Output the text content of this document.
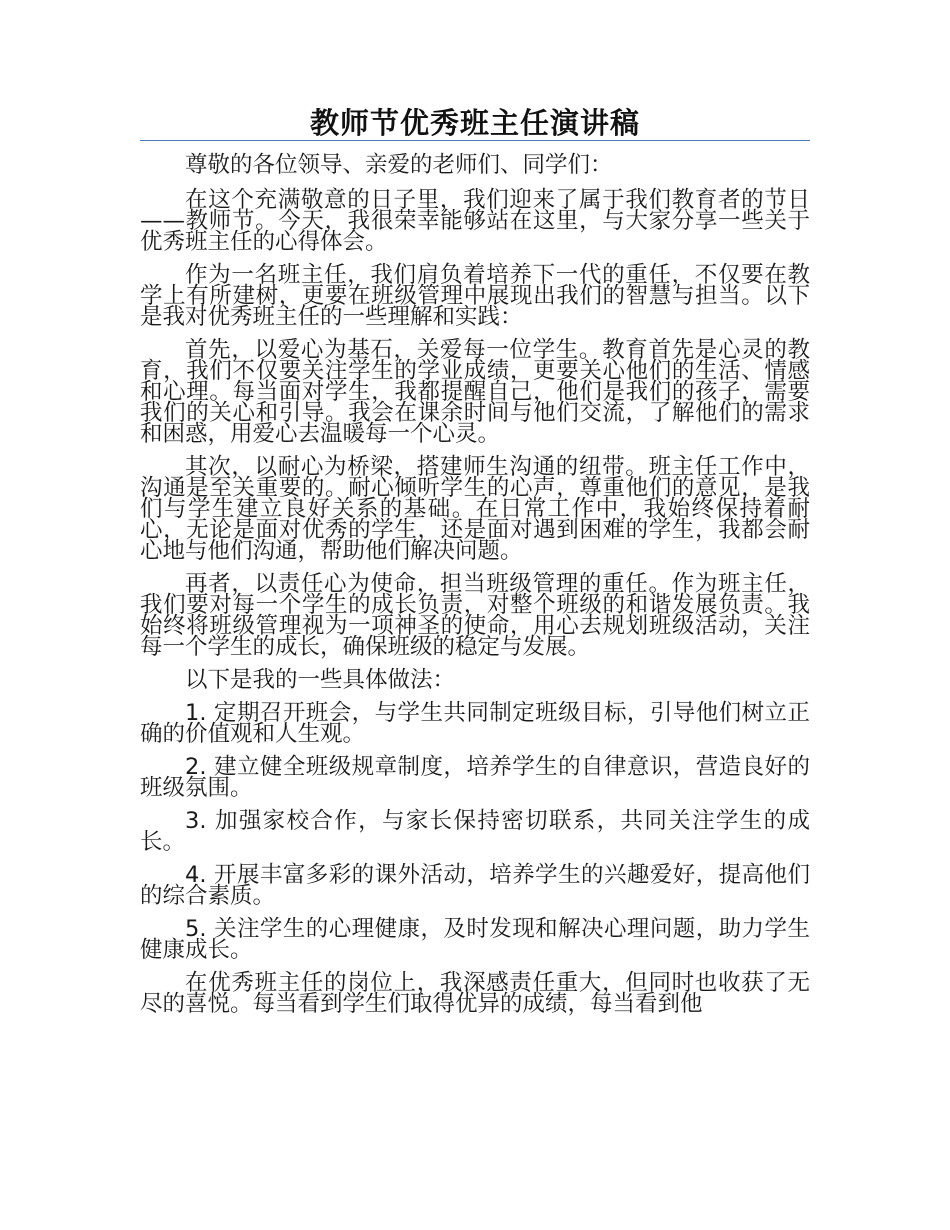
教师节优秀班主任演讲稿

尊敬的各位领导、亲爱的老师们、同学们：

在这个充满敬意的日子里，我们迎来了属于我们教育者的节日——教师节。今天，我很荣幸能够站在这里，与大家分享一些关于优秀班主任的心得体会。

作为一名班主任，我们肩负着培养下一代的重任，不仅要在教学上有所建树，更要在班级管理中展现出我们的智慧与担当。以下是我对优秀班主任的一些理解和实践：

首先，以爱心为基石，关爱每一位学生。教育首先是心灵的教育，我们不仅要关注学生的学业成绩，更要关心他们的生活、情感和心理。每当面对学生，我都提醒自己，他们是我们的孩子，需要我们的关心和引导。我会在课余时间与他们交流，了解他们的需求和困惑，用爱心去温暖每一个心灵。

其次，以耐心为桥梁，搭建师生沟通的纽带。班主任工作中，沟通是至关重要的。耐心倾听学生的心声，尊重他们的意见，是我们与学生建立良好关系的基础。在日常工作中，我始终保持着耐心，无论是面对优秀的学生，还是面对遇到困难的学生，我都会耐心地与他们沟通，帮助他们解决问题。

再者，以责任心为使命，担当班级管理的重任。作为班主任，我们要对每一个学生的成长负责，对整个班级的和谐发展负责。我始终将班级管理视为一项神圣的使命，用心去规划班级活动，关注每一个学生的成长，确保班级的稳定与发展。

以下是我的一些具体做法：

1. 定期召开班会，与学生共同制定班级目标，引导他们树立正确的价值观和人生观。

2. 建立健全班级规章制度，培养学生的自律意识，营造良好的班级氛围。

3. 加强家校合作，与家长保持密切联系，共同关注学生的成长。

4. 开展丰富多彩的课外活动，培养学生的兴趣爱好，提高他们的综合素质。

5. 关注学生的心理健康，及时发现和解决心理问题，助力学生健康成长。

在优秀班主任的岗位上，我深感责任重大，但同时也收获了无尽的喜悦。每当看到学生们取得优异的成绩，每当看到他
